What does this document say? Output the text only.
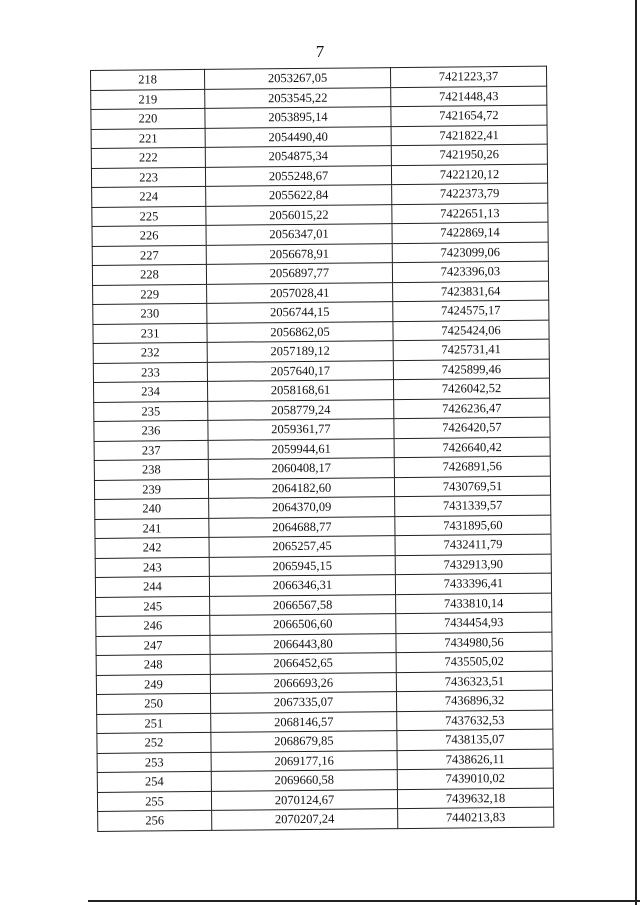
7
218	2053267,05	7421223,37
219	2053545,22	7421448,43
220	2053895,14	7421654,72
221	2054490,40	7421822,41
222	2054875,34	7421950,26
223	2055248,67	7422120,12
224	2055622,84	7422373,79
225	2056015,22	7422651,13
226	2056347,01	7422869,14
227	2056678,91	7423099,06
228	2056897,77	7423396,03
229	2057028,41	7423831,64
230	2056744,15	7424575,17
231	2056862,05	7425424,06
232	2057189,12	7425731,41
233	2057640,17	7425899,46
234	2058168,61	7426042,52
235	2058779,24	7426236,47
236	2059361,77	7426420,57
237	2059944,61	7426640,42
238	2060408,17	7426891,56
239	2064182,60	7430769,51
240	2064370,09	7431339,57
241	2064688,77	7431895,60
242	2065257,45	7432411,79
243	2065945,15	7432913,90
244	2066346,31	7433396,41
245	2066567,58	7433810,14
246	2066506,60	7434454,93
247	2066443,80	7434980,56
248	2066452,65	7435505,02
249	2066693,26	7436323,51
250	2067335,07	7436896,32
251	2068146,57	7437632,53
252	2068679,85	7438135,07
253	2069177,16	7438626,11
254	2069660,58	7439010,02
255	2070124,67	7439632,18
256	2070207,24	7440213,83
